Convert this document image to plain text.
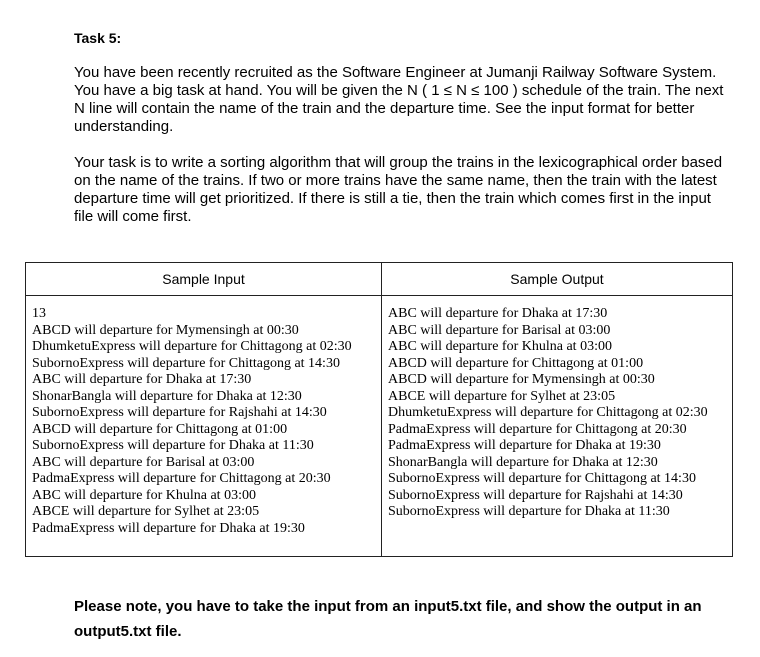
Task 5:

You have been recently recruited as the Software Engineer at Jumanji Railway Software System. You have a big task at hand. You will be given the N ( 1 ≤ N ≤ 100 ) schedule of the train. The next N line will contain the name of the train and the departure time. See the input format for better understanding.

Your task is to write a sorting algorithm that will group the trains in the lexicographical order based on the name of the trains. If two or more trains have the same name, then the train with the latest departure time will get prioritized. If there is still a tie, then the train which comes first in the input file will come first.

Sample Input
13
ABCD will departure for Mymensingh at 00:30
DhumketuExpress will departure for Chittagong at 02:30
SubornoExpress will departure for Chittagong at 14:30
ABC will departure for Dhaka at 17:30
ShonarBangla will departure for Dhaka at 12:30
SubornoExpress will departure for Rajshahi at 14:30
ABCD will departure for Chittagong at 01:00
SubornoExpress will departure for Dhaka at 11:30
ABC will departure for Barisal at 03:00
PadmaExpress will departure for Chittagong at 20:30
ABC will departure for Khulna at 03:00
ABCE will departure for Sylhet at 23:05
PadmaExpress will departure for Dhaka at 19:30
Sample Output
ABC will departure for Dhaka at 17:30
ABC will departure for Barisal at 03:00
ABC will departure for Khulna at 03:00
ABCD will departure for Chittagong at 01:00
ABCD will departure for Mymensingh at 00:30
ABCE will departure for Sylhet at 23:05
DhumketuExpress will departure for Chittagong at 02:30
PadmaExpress will departure for Chittagong at 20:30
PadmaExpress will departure for Dhaka at 19:30
ShonarBangla will departure for Dhaka at 12:30
SubornoExpress will departure for Chittagong at 14:30
SubornoExpress will departure for Rajshahi at 14:30
SubornoExpress will departure for Dhaka at 11:30

Please note, you have to take the input from an input5.txt file, and show the output in an output5.txt file.
